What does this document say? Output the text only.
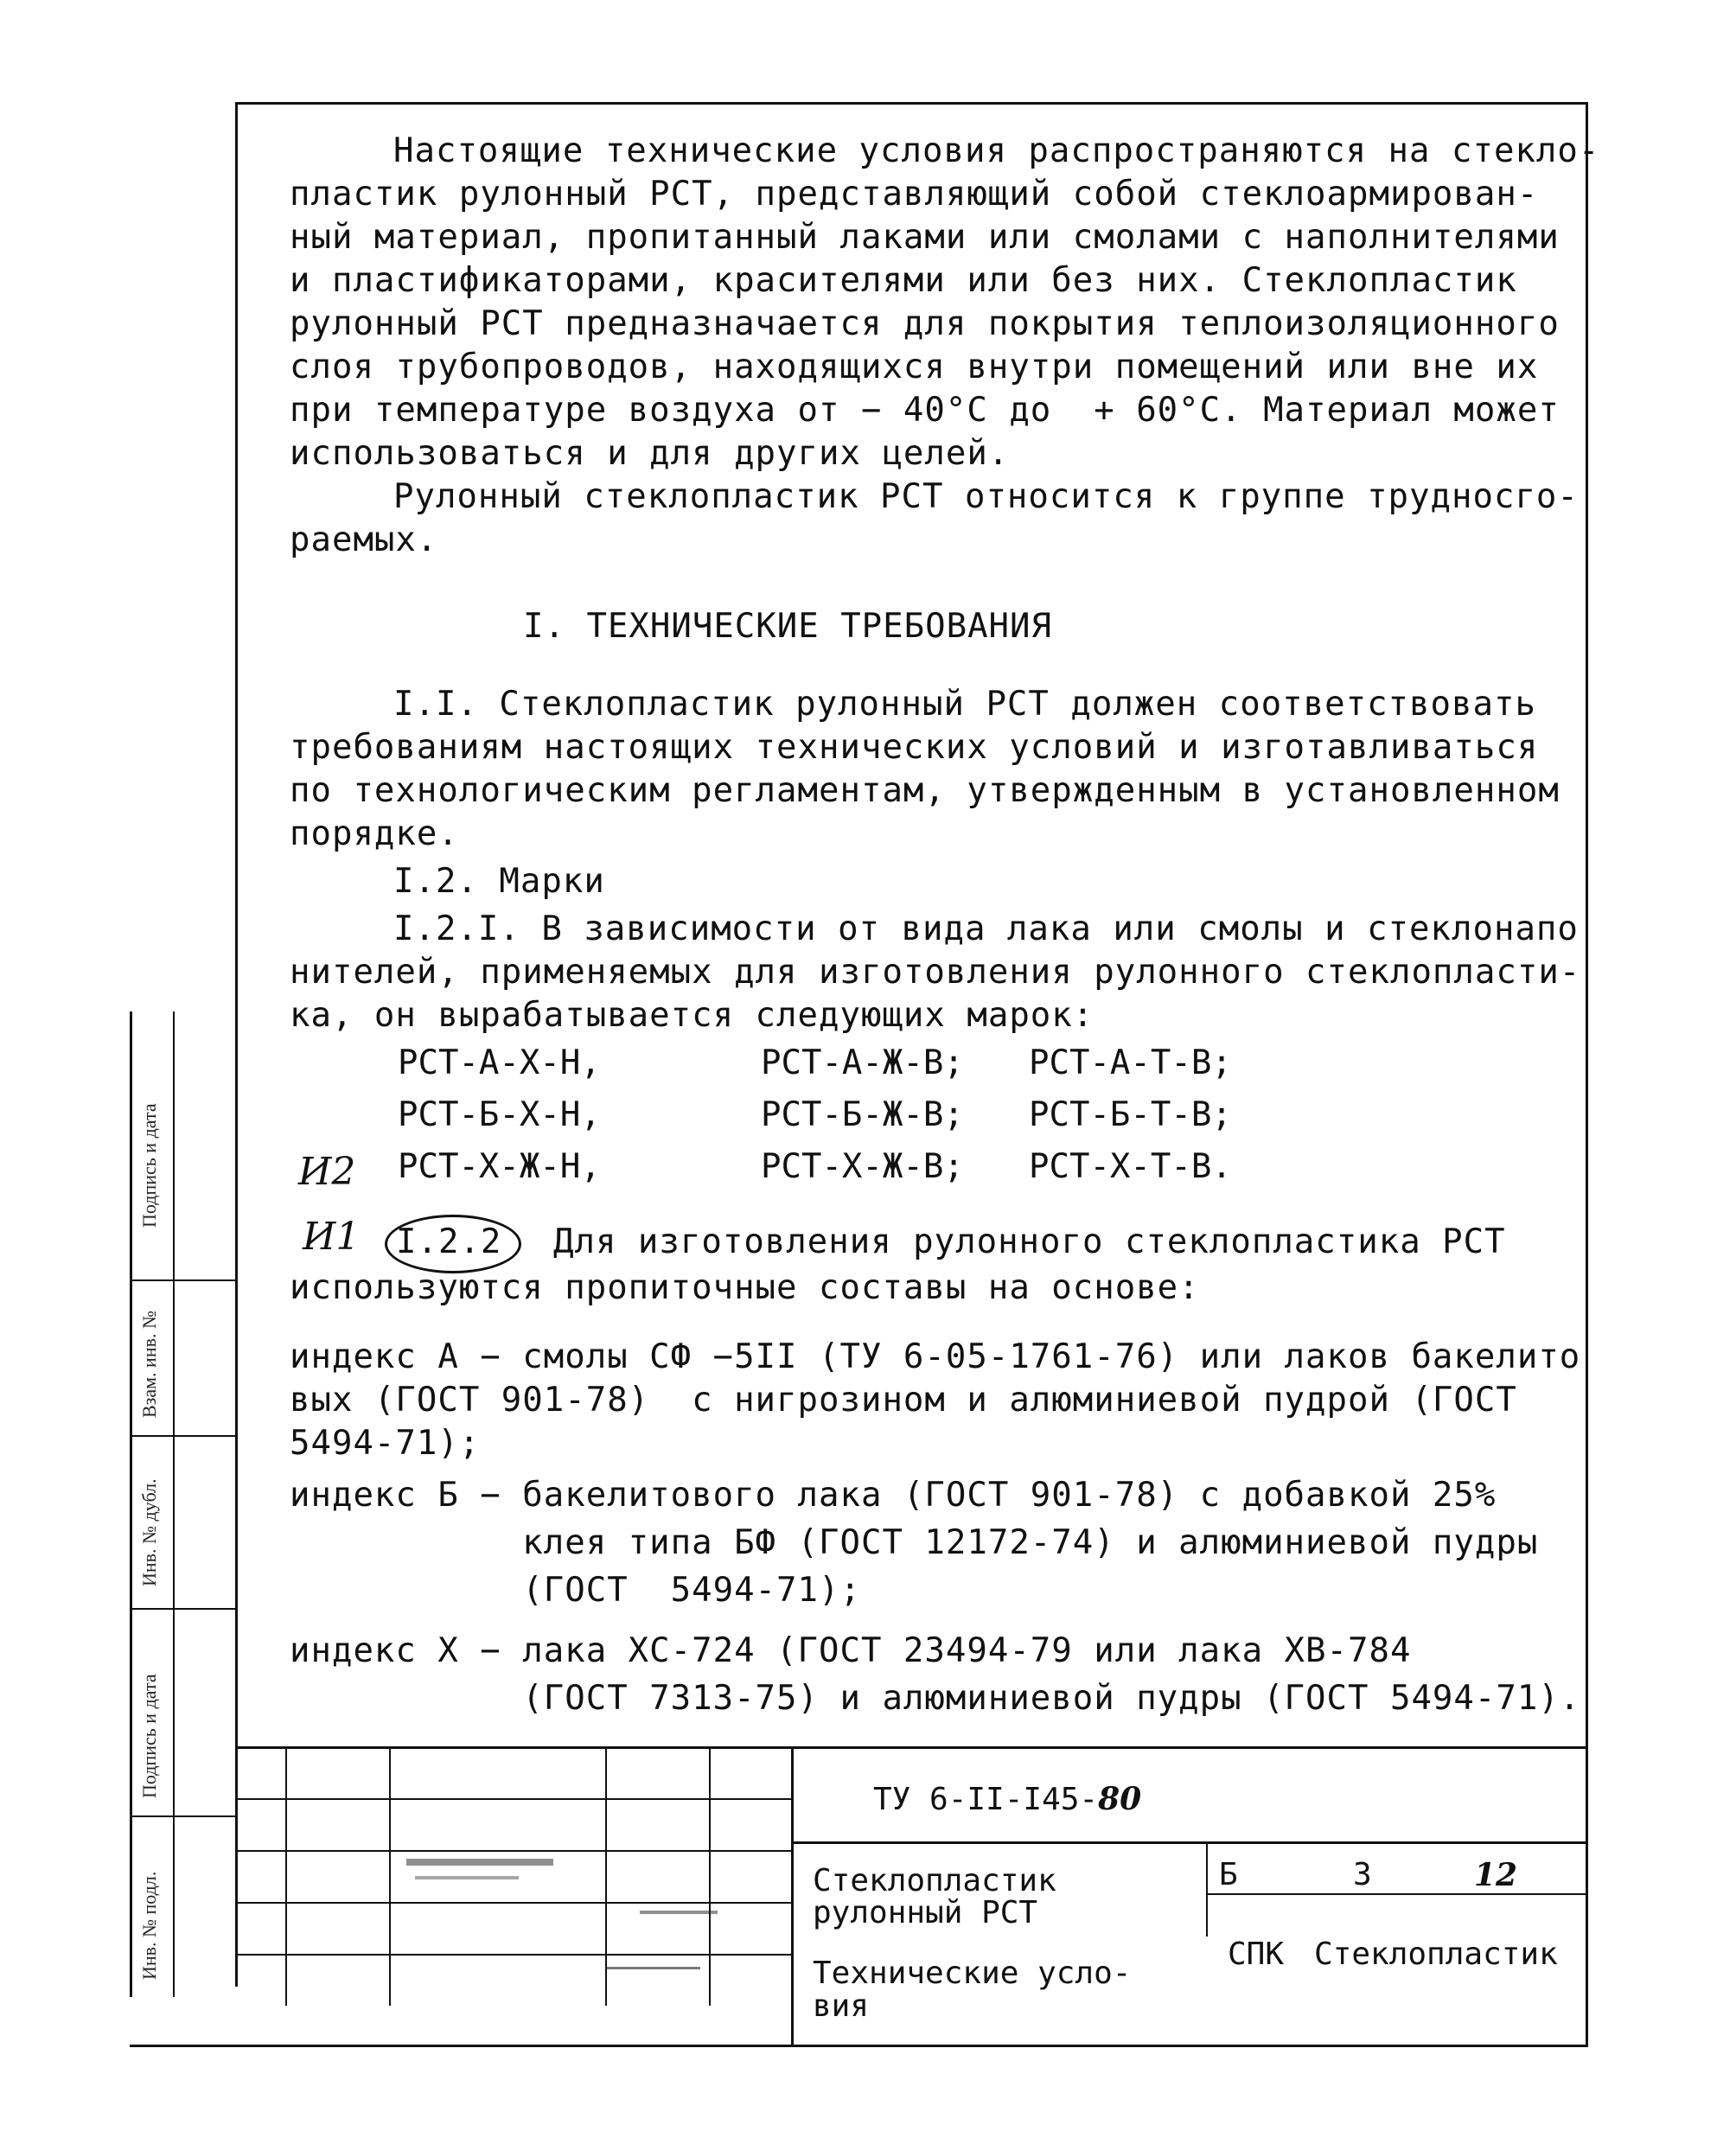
Подпись и дата
Взам. инв. №
Инв. № дубл.
Подпись и дата
Инв. № подл.
Настоящие технические условия распространяются на стекло-
пластик рулонный РСТ, представляющий собой стеклоармирован-
ный материал, пропитанный лаками или смолами с наполнителями
и пластификаторами, красителями или без них. Стеклопластик
рулонный РСТ предназначается для покрытия теплоизоляционного
слоя трубопроводов, находящихся внутри помещений или вне их
при температуре воздуха от − 40°С до  + 60°С. Материал может
использоваться и для других целей.
Рулонный стеклопластик РСТ относится к группе трудносго-
раемых.
I. ТЕХНИЧЕСКИЕ ТРЕБОВАНИЯ
I.I. Стеклопластик рулонный РСТ должен соответствовать
требованиям настоящих технических условий и изготавливаться
по технологическим регламентам, утвержденным в установленном
порядке.
I.2. Марки
I.2.I. В зависимости от вида лака или смолы и стеклонапо
нителей, применяемых для изготовления рулонного стеклопласти-
ка, он вырабатывается следующих марок:
РСТ-А-Х-Н,	РСТ-А-Ж-В; РСТ-А-Т-В;
РСТ-Б-Х-Н,	РСТ-Б-Ж-В; РСТ-Б-Т-В;
РСТ-Х-Ж-Н,	РСТ-Х-Ж-В; РСТ-Х-Т-В.
И2
И1 I.2.2 Для изготовления рулонного стеклопластика РСТ
используются пропиточные составы на основе:
индекс А − смолы СФ −5II (ТУ 6-05-1761-76) или лаков бакелито
вых (ГОСТ 901-78)  с нигрозином и алюминиевой пудрой (ГОСТ
5494-71);
индекс Б − бакелитового лака (ГОСТ 901-78) с добавкой 25%
клея типа БФ (ГОСТ 12172-74) и алюминиевой пудры
(ГОСТ  5494-71);
индекс Х − лака ХС-724 (ГОСТ 23494-79 или лака ХВ-784
(ГОСТ 7313-75) и алюминиевой пудры (ГОСТ 5494-71).
ТУ 6-II-I45-80
Стеклопластик
рулонный РСТ
Технические усло-
вия
Б	3	12
СПК Стеклопластик
